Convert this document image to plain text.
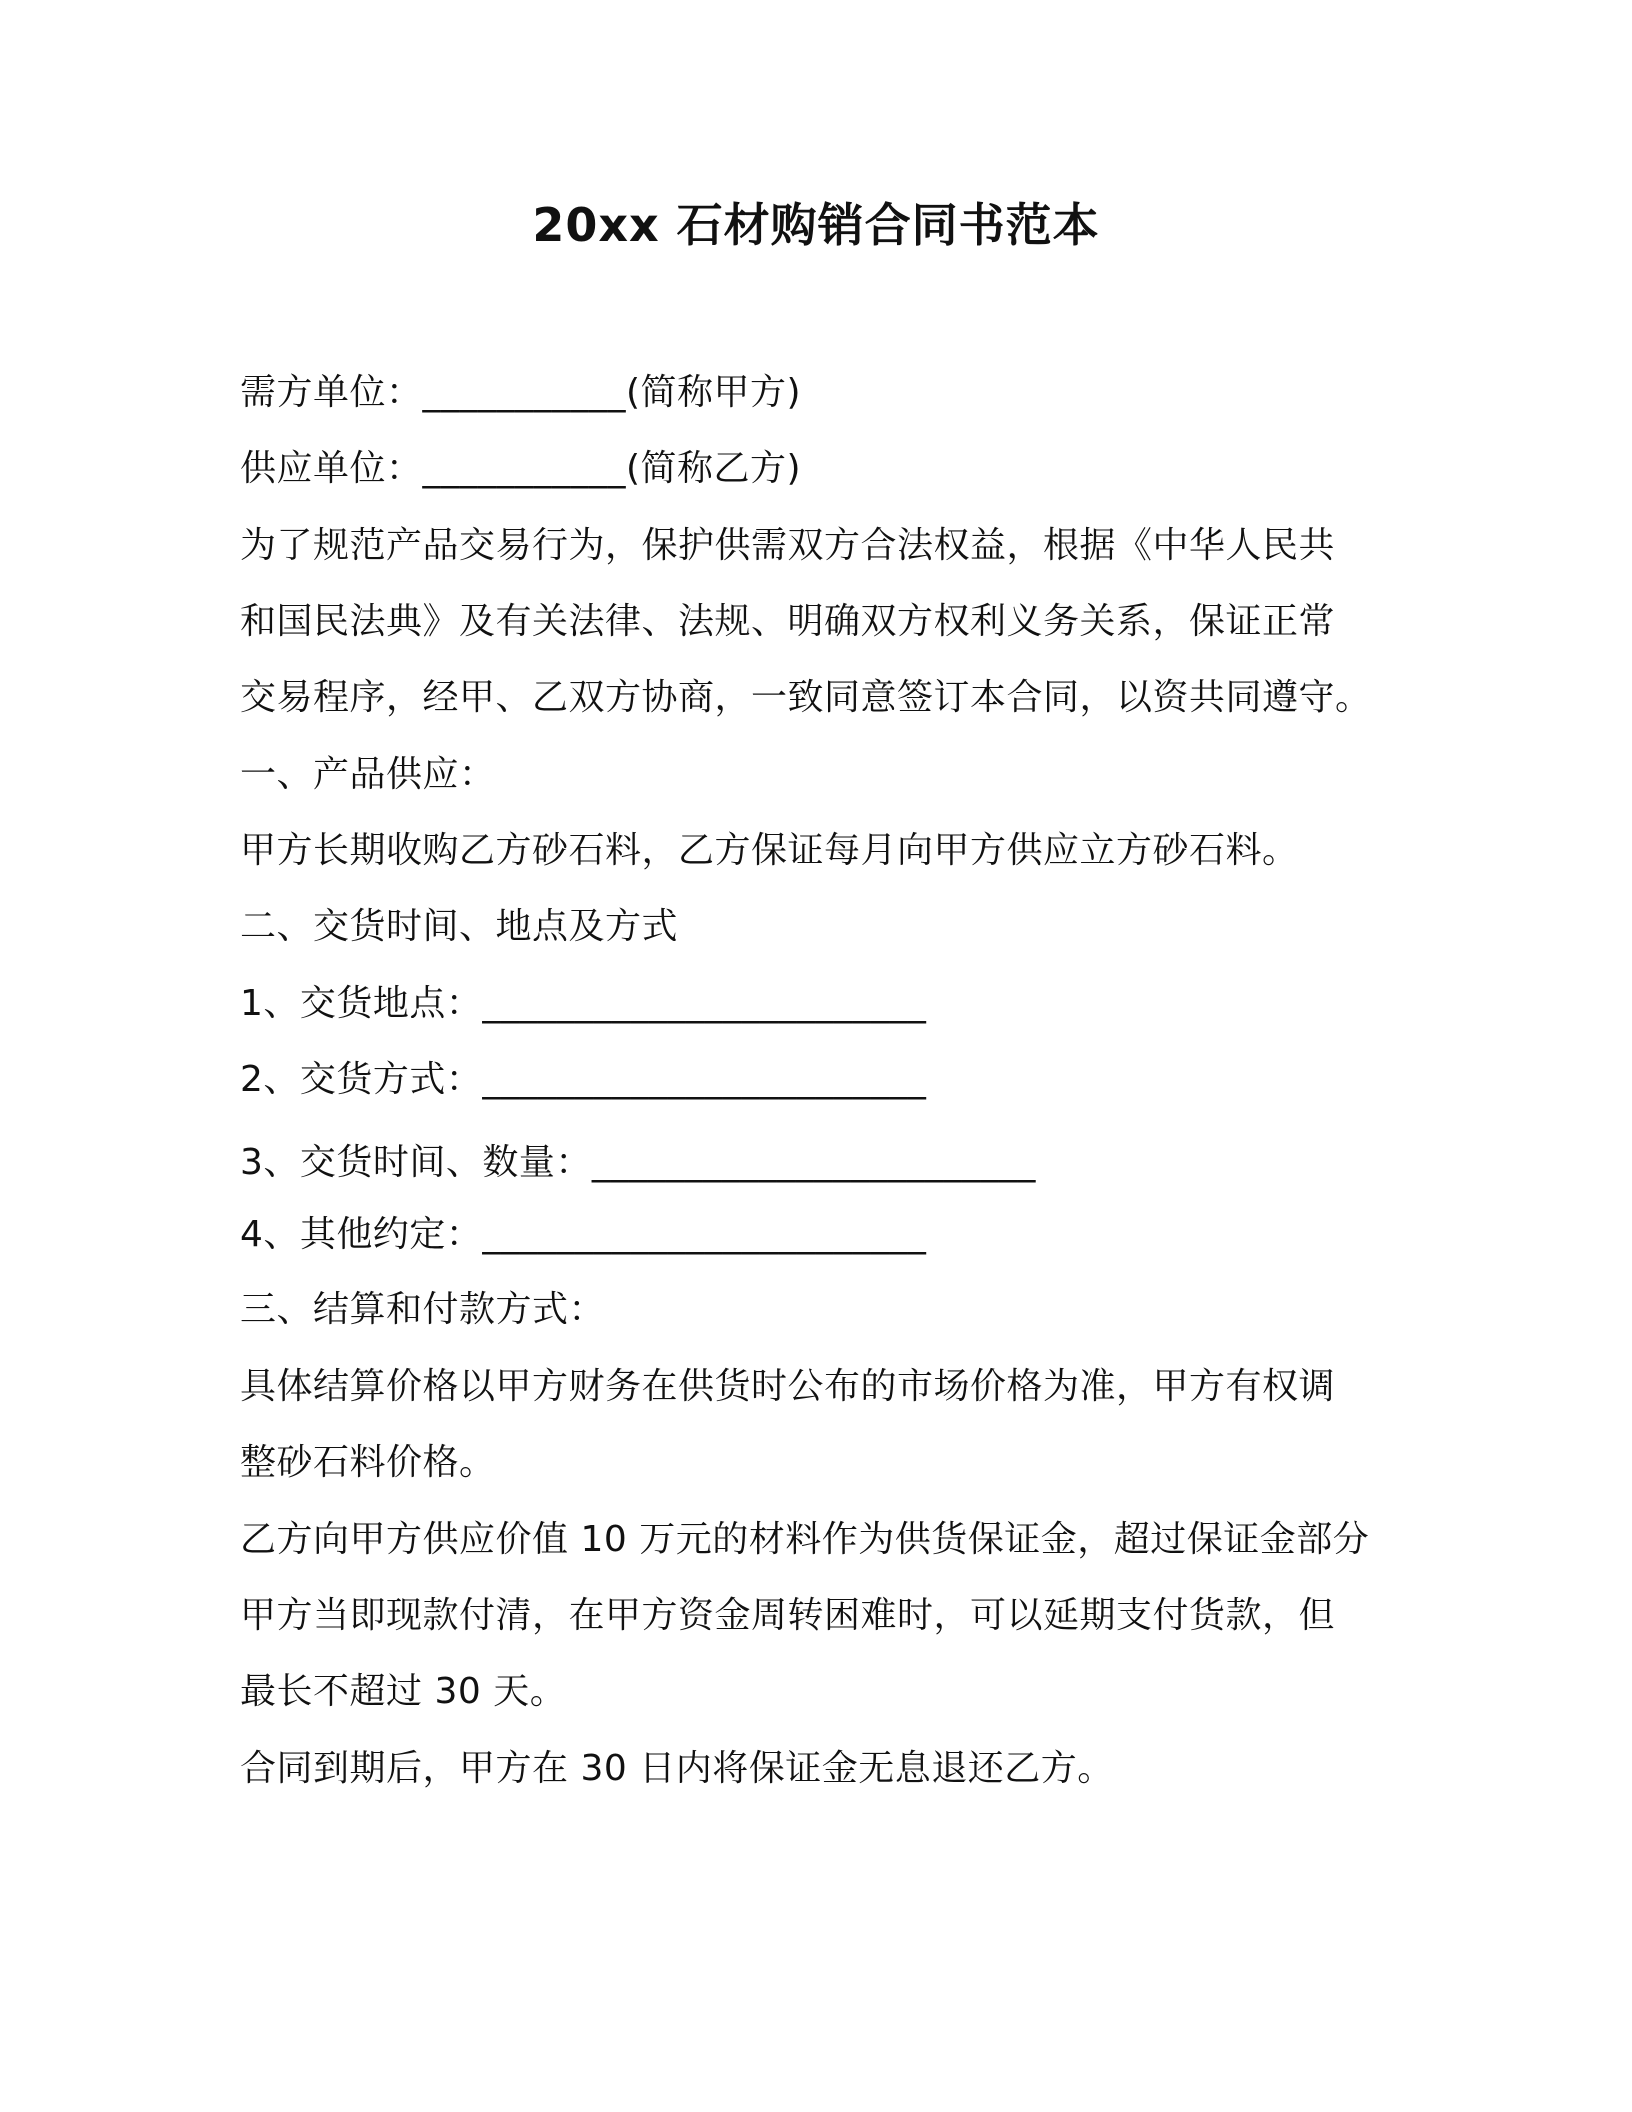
20xx 石材购销合同书范本
需方单位：___________(简称甲方)
供应单位：___________(简称乙方)
为了规范产品交易行为，保护供需双方合法权益，根据《中华人民共
和国民法典》及有关法律、法规、明确双方权利义务关系，保证正常
交易程序，经甲、乙双方协商，一致同意签订本合同，以资共同遵守。
一、产品供应：
甲方长期收购乙方砂石料，乙方保证每月向甲方供应立方砂石料。
二、交货时间、地点及方式
1、交货地点：________________________
2、交货方式：________________________
3、交货时间、数量：________________________
4、其他约定：________________________
三、结算和付款方式：
具体结算价格以甲方财务在供货时公布的市场价格为准，甲方有权调
整砂石料价格。
乙方向甲方供应价值 10 万元的材料作为供货保证金，超过保证金部分
甲方当即现款付清，在甲方资金周转困难时，可以延期支付货款，但
最长不超过 30 天。
合同到期后，甲方在 30 日内将保证金无息退还乙方。
